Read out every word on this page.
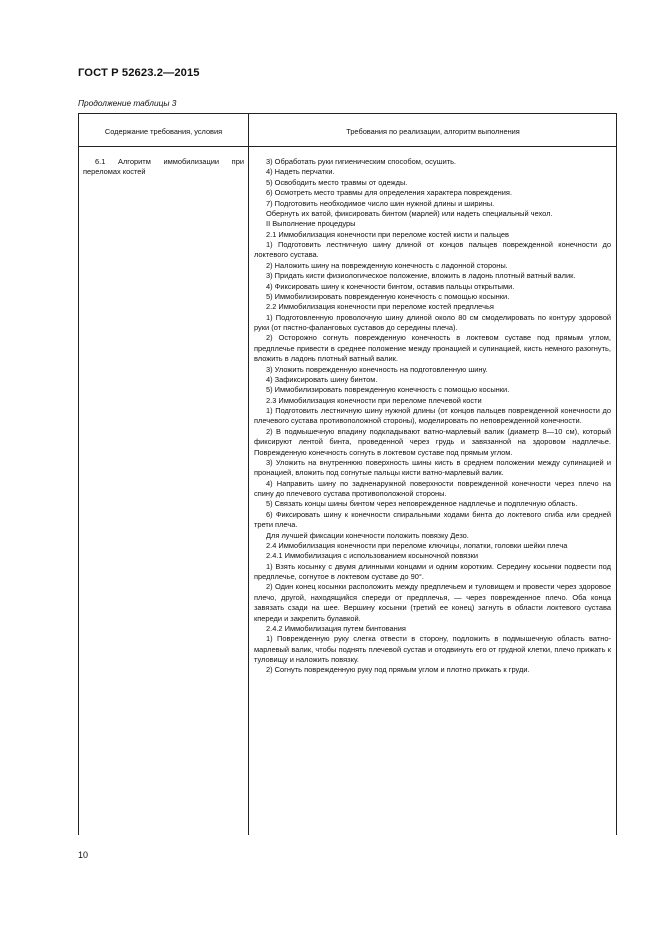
ГОСТ Р 52623.2—2015
Продолжение таблицы 3
Содержание требования, условия	Требования по реализации, алгоритм выполнения
6.1 Алгоритм иммобилизации при переломах костей

3) Обработать руки гигиеническим способом, осушить.

4) Надеть перчатки.

5) Освободить место травмы от одежды.

6) Осмотреть место травмы для определения характера повреждения.

7) Подготовить необходимое число шин нужной длины и ширины.

Обернуть их ватой, фиксировать бинтом (марлей) или надеть специальный чехол.

II Выполнение процедуры

2.1 Иммобилизация конечности при переломе костей кисти и пальцев

1) Подготовить лестничную шину длиной от концов пальцев поврежденной конечности до локтевого сустава.

2) Наложить шину на поврежденную конечность с ладонной стороны.

3) Придать кисти физиологическое положение, вложить в ладонь плотный ватный валик.

4) Фиксировать шину к конечности бинтом, оставив пальцы открытыми.

5) Иммобилизировать поврежденную конечность с помощью косынки.

2.2 Иммобилизация конечности при переломе костей предплечья

1) Подготовленную проволочную шину длиной около 80 см смоделировать по контуру здоровой руки (от пястно-фаланговых суставов до середины плеча).

2) Осторожно согнуть поврежденную конечность в локтевом суставе под прямым углом, предплечье привести в среднее положение между пронацией и супинацией, кисть немного разогнуть, вложить в ладонь плотный ватный валик.

3) Уложить поврежденную конечность на подготовленную шину.

4) Зафиксировать шину бинтом.

5) Иммобилизировать поврежденную конечность с помощью косынки.

2.3 Иммобилизация конечности при переломе плечевой кости

1) Подготовить лестничную шину нужной длины (от концов пальцев поврежденной конечности до плечевого сустава противоположной стороны), моделировать по неповрежденной конечности.

2) В подмышечную впадину подкладывают ватно-марлевый валик (диаметр 8—10 см), который фиксируют лентой бинта, проведенной через грудь и завязанной на здоровом надплечье. Поврежденную конечность согнуть в локтевом суставе под прямым углом.

3) Уложить на внутреннюю поверхность шины кисть в среднем положении между супинацией и пронацией, вложить под согнутые пальцы кисти ватно-марлевый валик.

4) Направить шину по задненаружной поверхности поврежденной конечности через плечо на спину до плечевого сустава противоположной стороны.

5) Связать концы шины бинтом через неповрежденное надплечье и подплечную область.

6) Фиксировать шину к конечности спиральными ходами бинта до локтевого сгиба или средней трети плеча.

Для лучшей фиксации конечности положить повязку Дезо.

2.4 Иммобилизация конечности при переломе ключицы, лопатки, головки шейки плеча

2.4.1 Иммобилизация с использованием косыночной повязки

1) Взять косынку с двумя длинными концами и одним коротким. Середину косынки подвести под предплечье, согнутое в локтевом суставе до 90°.

2) Один конец косынки расположить между предплечьем и туловищем и провести через здоровое плечо, другой, находящийся спереди от предплечья, — через поврежденное плечо. Оба конца завязать сзади на шее. Вершину косынки (третий ее конец) загнуть в области локтевого сустава кпереди и закрепить булавкой.

2.4.2 Иммобилизация путем бинтования

1) Поврежденную руку слегка отвести в сторону, подложить в подмышечную область ватно-марлевый валик, чтобы поднять плечевой сустав и отодвинуть его от грудной клетки, плечо прижать к туловищу и наложить повязку.

2) Согнуть поврежденную руку под прямым углом и плотно прижать к груди.

10
